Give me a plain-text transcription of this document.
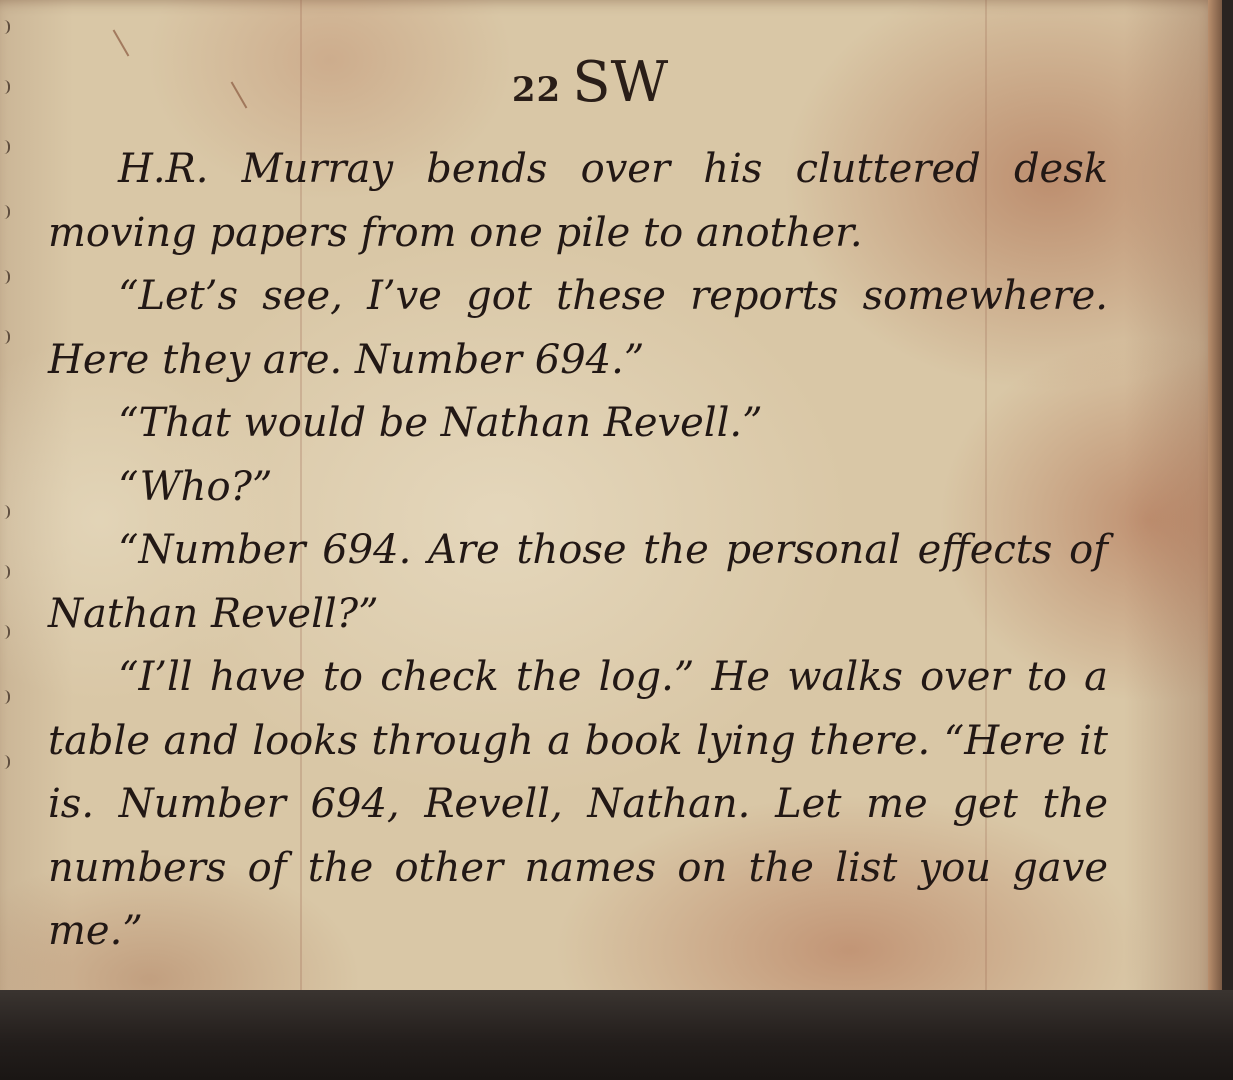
22 SW

H.R. Murray bends over his cluttered desk moving papers from one pile to another.

“Let’s see, I’ve got these reports somewhere. Here they are. Number 694.”

“That would be Nathan Revell.”

“Who?”

“Number 694. Are those the personal effects of Nathan Revell?”

“I’ll have to check the log.” He walks over to a table and looks through a book lying there. “Here it is. Number 694, Revell, Nathan. Let me get the numbers of the other names on the list you gave me.”
